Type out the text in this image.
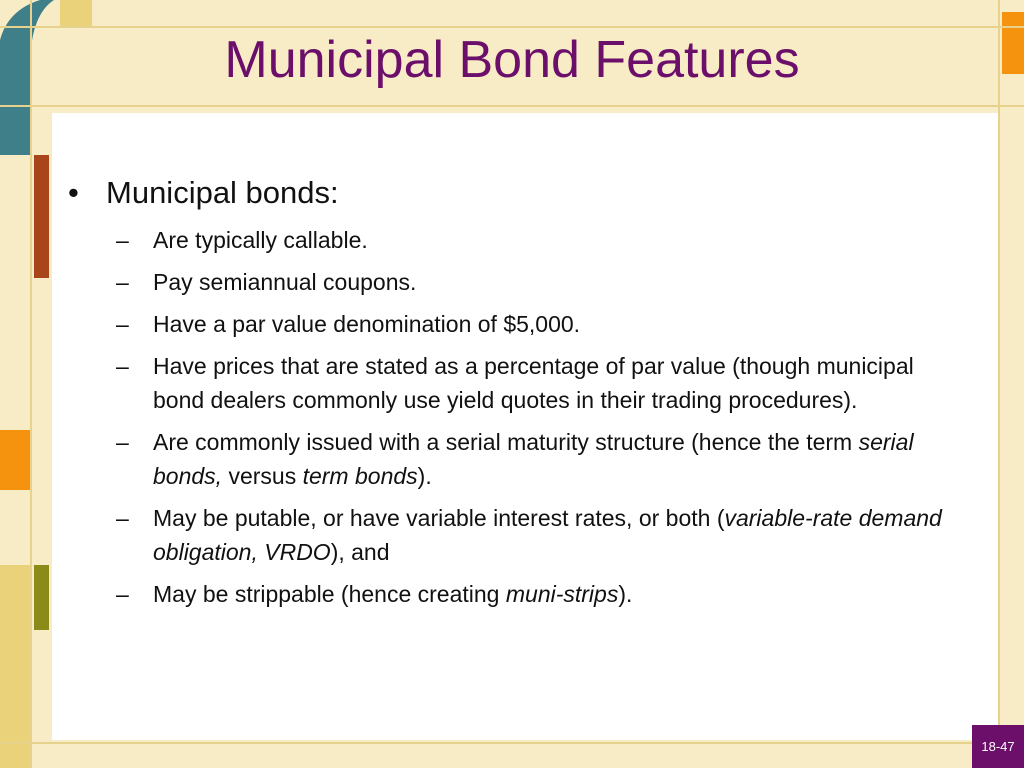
Municipal Bond Features
• Municipal bonds:
– Are typically callable.
– Pay semiannual coupons.
– Have a par value denomination of $5,000.
– Have prices that are stated as a percentage of par value (though municipal bond dealers commonly use yield quotes in their trading procedures).
– Are commonly issued with a serial maturity structure (hence the term serial bonds, versus term bonds).
– May be putable, or have variable interest rates, or both (variable-rate demand obligation, VRDO), and
– May be strippable (hence creating muni-strips).
18-47
